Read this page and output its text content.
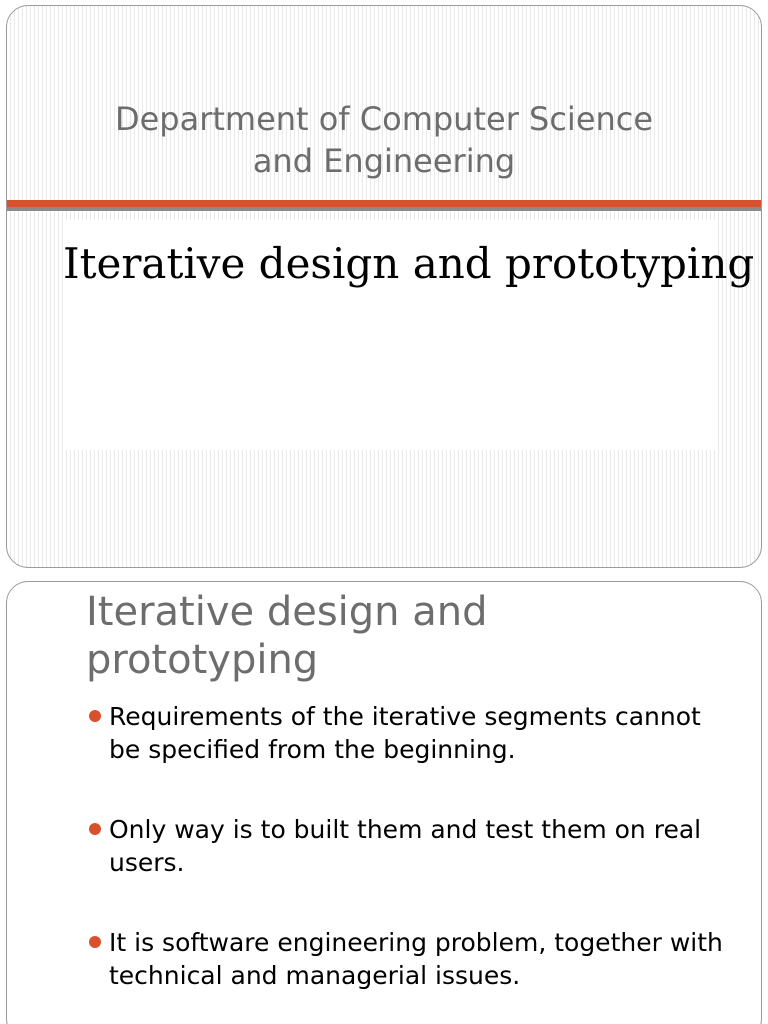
Department of Computer Science
and Engineering
Iterative design and prototyping
Iterative design and
prototyping
Requirements of the iterative segments cannot be specified from the beginning.
Only way is to built them and test them on real users.
It is software engineering problem, together with technical and managerial issues.
